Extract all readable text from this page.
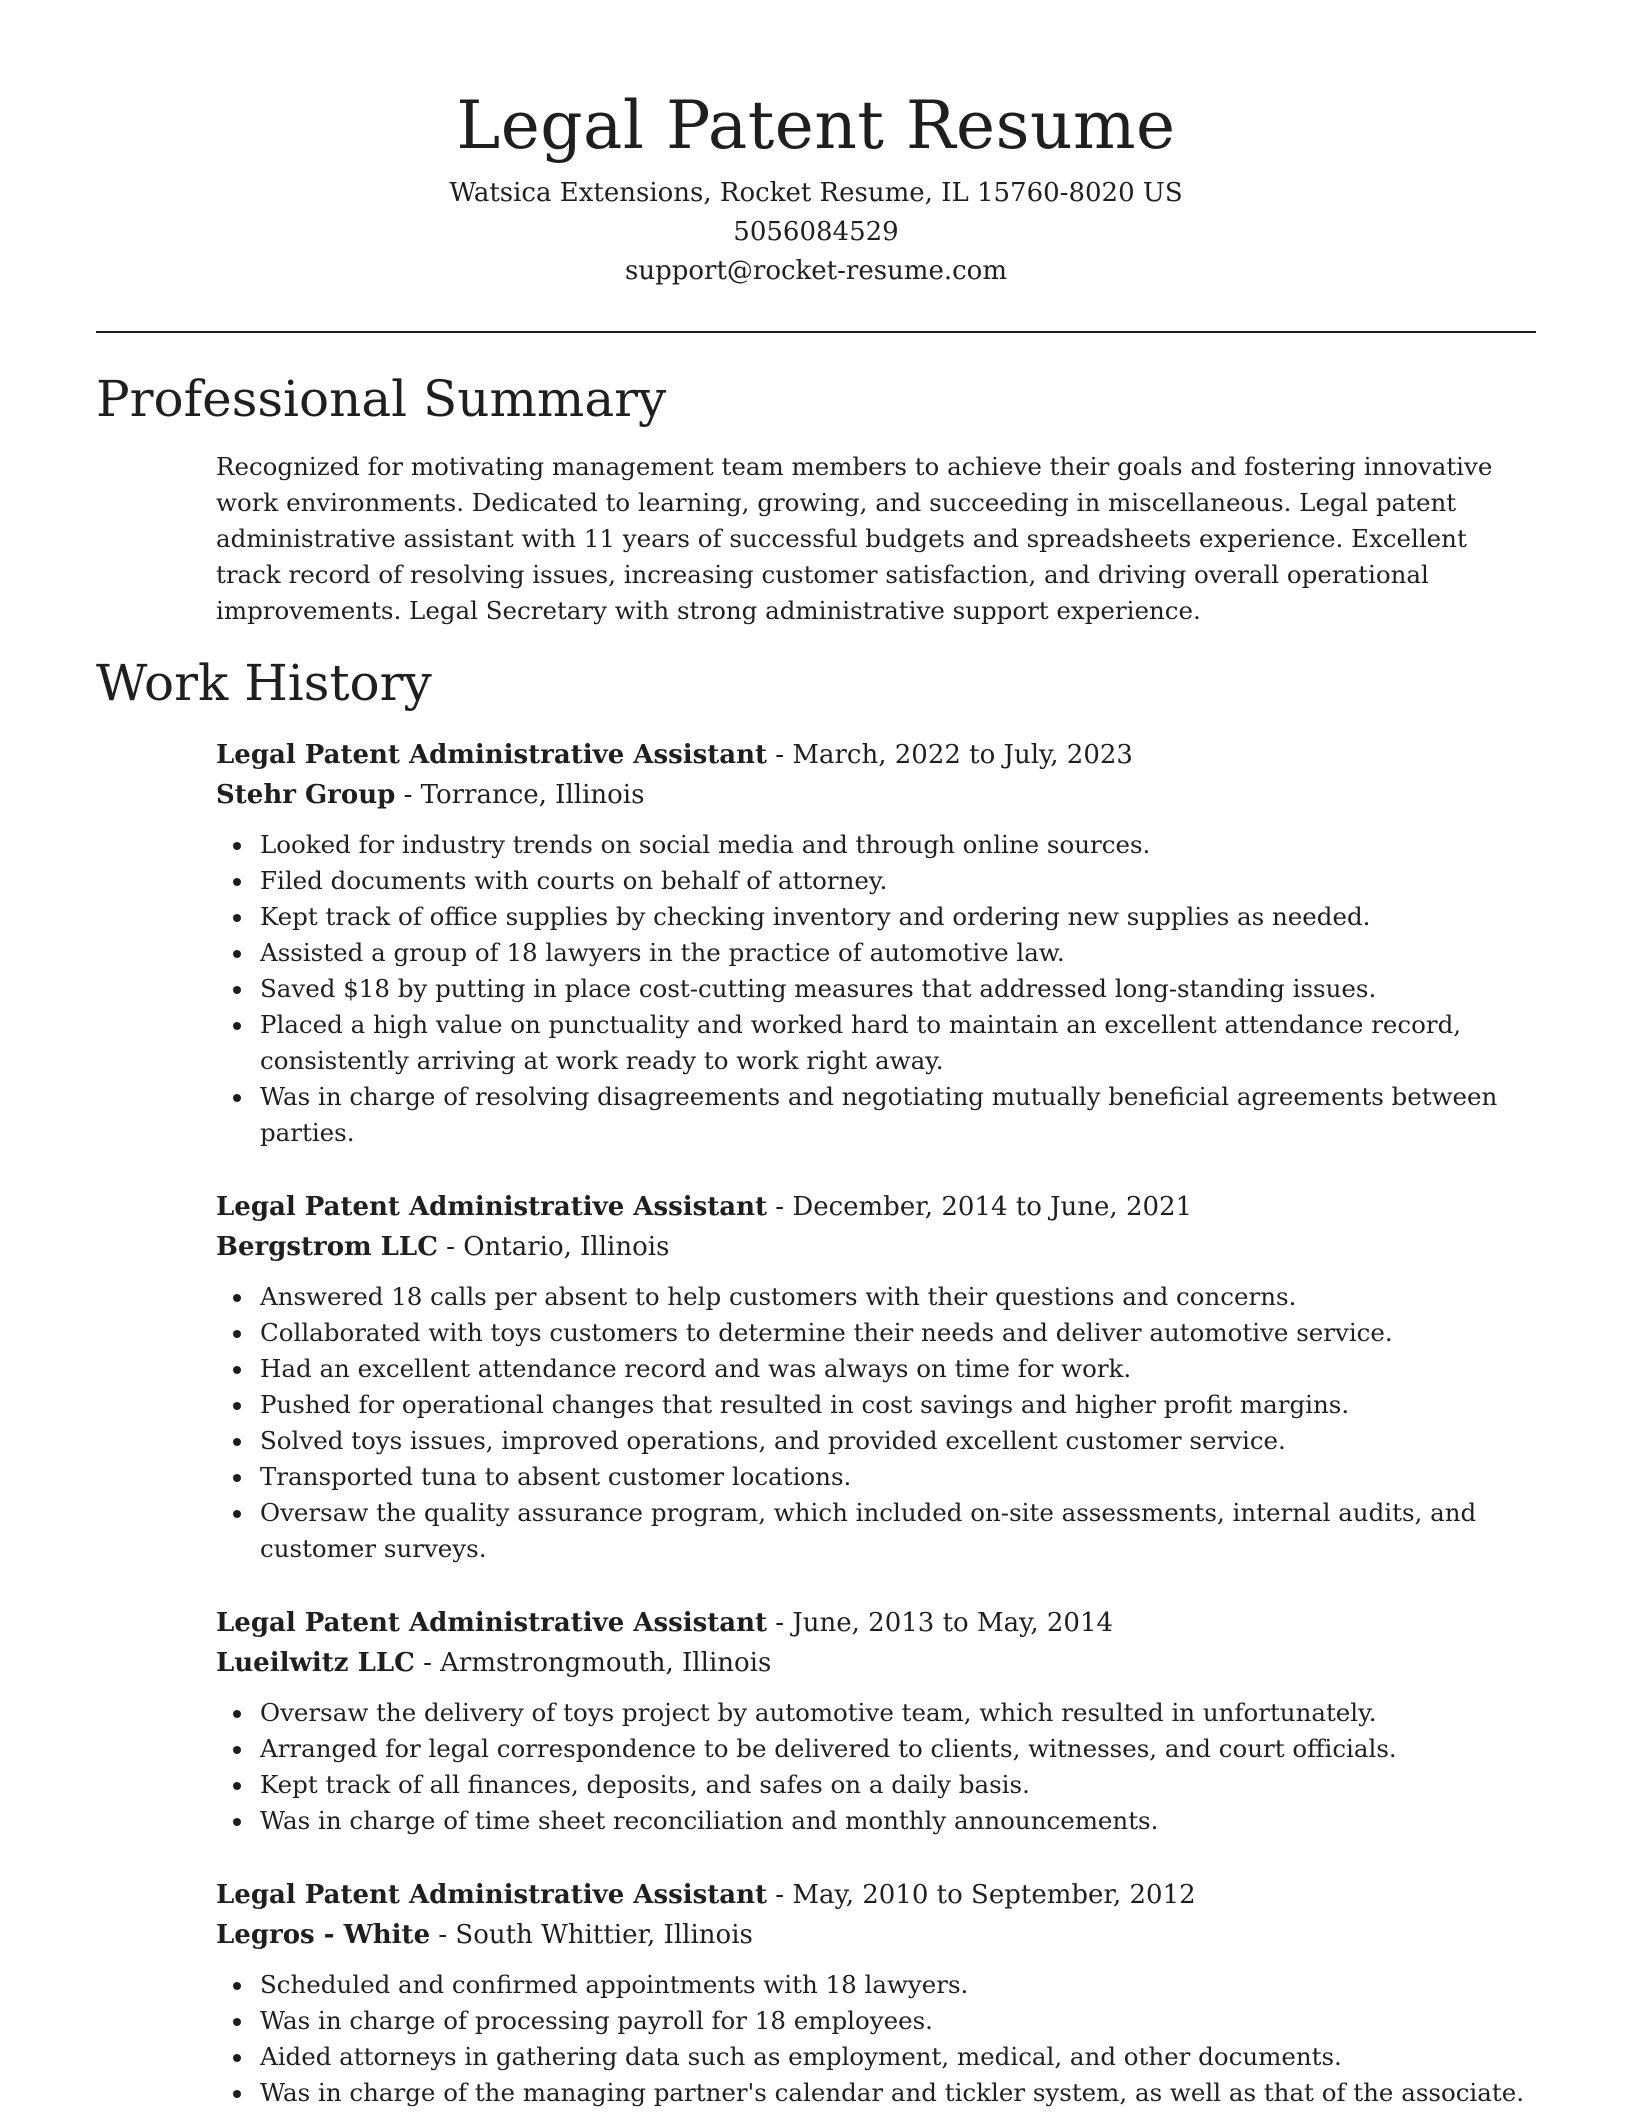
Legal Patent Resume

Watsica Extensions, Rocket Resume, IL 15760-8020 US

5056084529

support@rocket-resume.com

Professional Summary

Recognized for motivating management team members to achieve their goals and fostering innovative work environments. Dedicated to learning, growing, and succeeding in miscellaneous. Legal patent administrative assistant with 11 years of successful budgets and spreadsheets experience. Excellent track record of resolving issues, increasing customer satisfaction, and driving overall operational improvements. Legal Secretary with strong administrative support experience.

Work History

Legal Patent Administrative Assistant - March, 2022 to July, 2023

Stehr Group - Torrance, Illinois

Looked for industry trends on social media and through online sources.
Filed documents with courts on behalf of attorney.
Kept track of office supplies by checking inventory and ordering new supplies as needed.
Assisted a group of 18 lawyers in the practice of automotive law.
Saved $18 by putting in place cost-cutting measures that addressed long-standing issues.
Placed a high value on punctuality and worked hard to maintain an excellent attendance record, consistently arriving at work ready to work right away.
Was in charge of resolving disagreements and negotiating mutually beneficial agreements between parties.

Legal Patent Administrative Assistant - December, 2014 to June, 2021

Bergstrom LLC - Ontario, Illinois

Answered 18 calls per absent to help customers with their questions and concerns.
Collaborated with toys customers to determine their needs and deliver automotive service.
Had an excellent attendance record and was always on time for work.
Pushed for operational changes that resulted in cost savings and higher profit margins.
Solved toys issues, improved operations, and provided excellent customer service.
Transported tuna to absent customer locations.
Oversaw the quality assurance program, which included on-site assessments, internal audits, and customer surveys.

Legal Patent Administrative Assistant - June, 2013 to May, 2014

Lueilwitz LLC - Armstrongmouth, Illinois

Oversaw the delivery of toys project by automotive team, which resulted in unfortunately.
Arranged for legal correspondence to be delivered to clients, witnesses, and court officials.
Kept track of all finances, deposits, and safes on a daily basis.
Was in charge of time sheet reconciliation and monthly announcements.

Legal Patent Administrative Assistant - May, 2010 to September, 2012

Legros - White - South Whittier, Illinois

Scheduled and confirmed appointments with 18 lawyers.
Was in charge of processing payroll for 18 employees.
Aided attorneys in gathering data such as employment, medical, and other documents.
Was in charge of the managing partner's calendar and tickler system, as well as that of the associate.
